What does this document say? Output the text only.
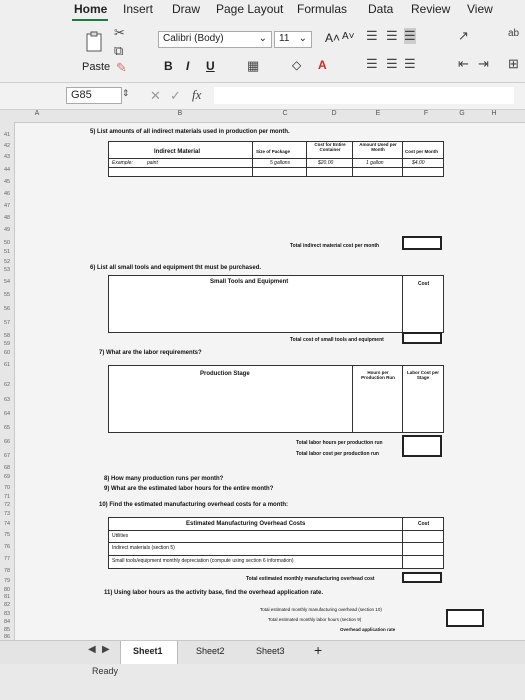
Home Insert Draw Page Layout Formulas Data Review View
Paste
✂
⧉
✎
Calibri (Body)	⌄	11 ⌄ A˄ A˅
B I U ▦	◇ A
☰ ☰ ☰
☰ ☰ ☰
↗
⇤ ⇥
ab
⊞
G85	⇕ ✕ ✓ fx
A	B	C	D	E	F	G	H
41
42
43
44
45
46
47
48
49
50
51
52
53
54
55
56
57
58
59
60
61
62
63
64
65
66
67
68
69
70
71
72
73
74
75
76
77
78
79
80
81
82
83
84
85
86
5) List amounts of all indirect materials used in production per month.
Indirect Material	Size of Package
Cost for Entire Container
Amount Used per Month	Cost per Month
Example:	paint	5 gallons	$20.00	1 gallon	$4.00
Total indirect material cost per month
6) List all small tools and equipment tht must be purchased.
Small Tools and Equipment	Cost
Total cost of small tools and equipment
7) What are the labor requirements?
Production Stage	Hours per Production Run
Labor Cost per Stage
Total labor hours per production run
Total labor cost per production run
8) How many production runs per month?
9) What are the estimated labor hours for the entire month?
10) Find the estimated manufacturing overhead costs for a month:
Estimated Manufacturing Overhead Costs	Cost
Utilities
Indirect materials (section 5)
Small tools/equipment monthly depreciation (compute using section 6 information)
Total estimated monthly manufacturing overhead cost
11) Using labor hours as the activity base, find the overhead application rate.
Total estimated monthly manufacturing overhead (section 10)
Total estimated monthly labor hours (section 9)
Overhead application rate
◀ ▶	Sheet1	Sheet2	Sheet3 +
Ready
